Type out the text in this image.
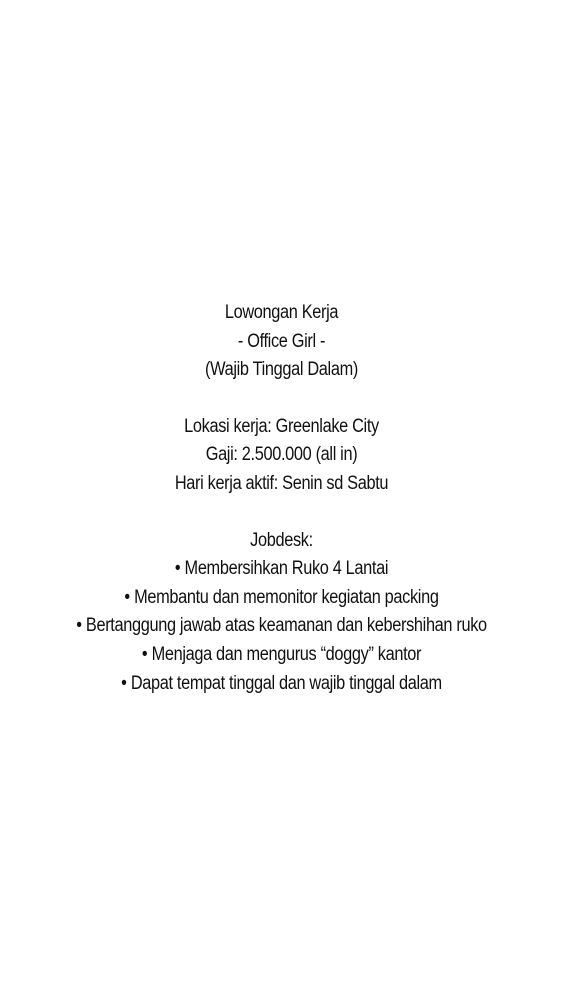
Lowongan Kerja
- Office Girl -
(Wajib Tinggal Dalam)
Lokasi kerja: Greenlake City
Gaji: 2.500.000 (all in)
Hari kerja aktif: Senin sd Sabtu
Jobdesk:
• Membersihkan Ruko 4 Lantai
• Membantu dan memonitor kegiatan packing
• Bertanggung jawab atas keamanan dan kebershihan ruko
• Menjaga dan mengurus “doggy” kantor
• Dapat tempat tinggal dan wajib tinggal dalam
